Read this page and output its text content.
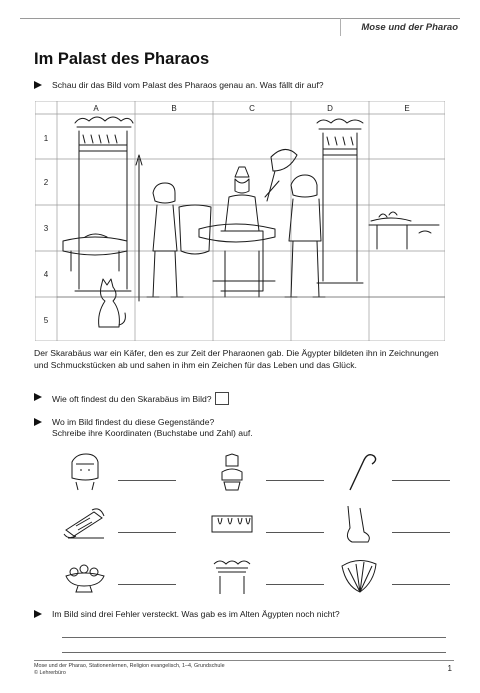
Mose und der Pharao
Im Palast des Pharaos
Schau dir das Bild vom Palast des Pharaos genau an. Was fällt dir auf?
A	B	C	D	E
1
2
3
4
5
Der Skarabäus war ein Käfer, den es zur Zeit der Pharaonen gab. Die Ägypter bildeten ihn in Zeichnungen und Schmuckstücken ab und sahen in ihm ein Zeichen für das Leben und das Glück.
Wie oft findest du den Skarabäus im Bild?
Wo im Bild findest du diese Gegenstände?
Schreibe ihre Koordinaten (Buchstabe und Zahl) auf.
Im Bild sind drei Fehler versteckt. Was gab es im Alten Ägypten noch nicht?
Mose und der Pharao, Stationenlernen, Religion evangelisch, 1–4, Grundschule
© Lehrerbüro	1
